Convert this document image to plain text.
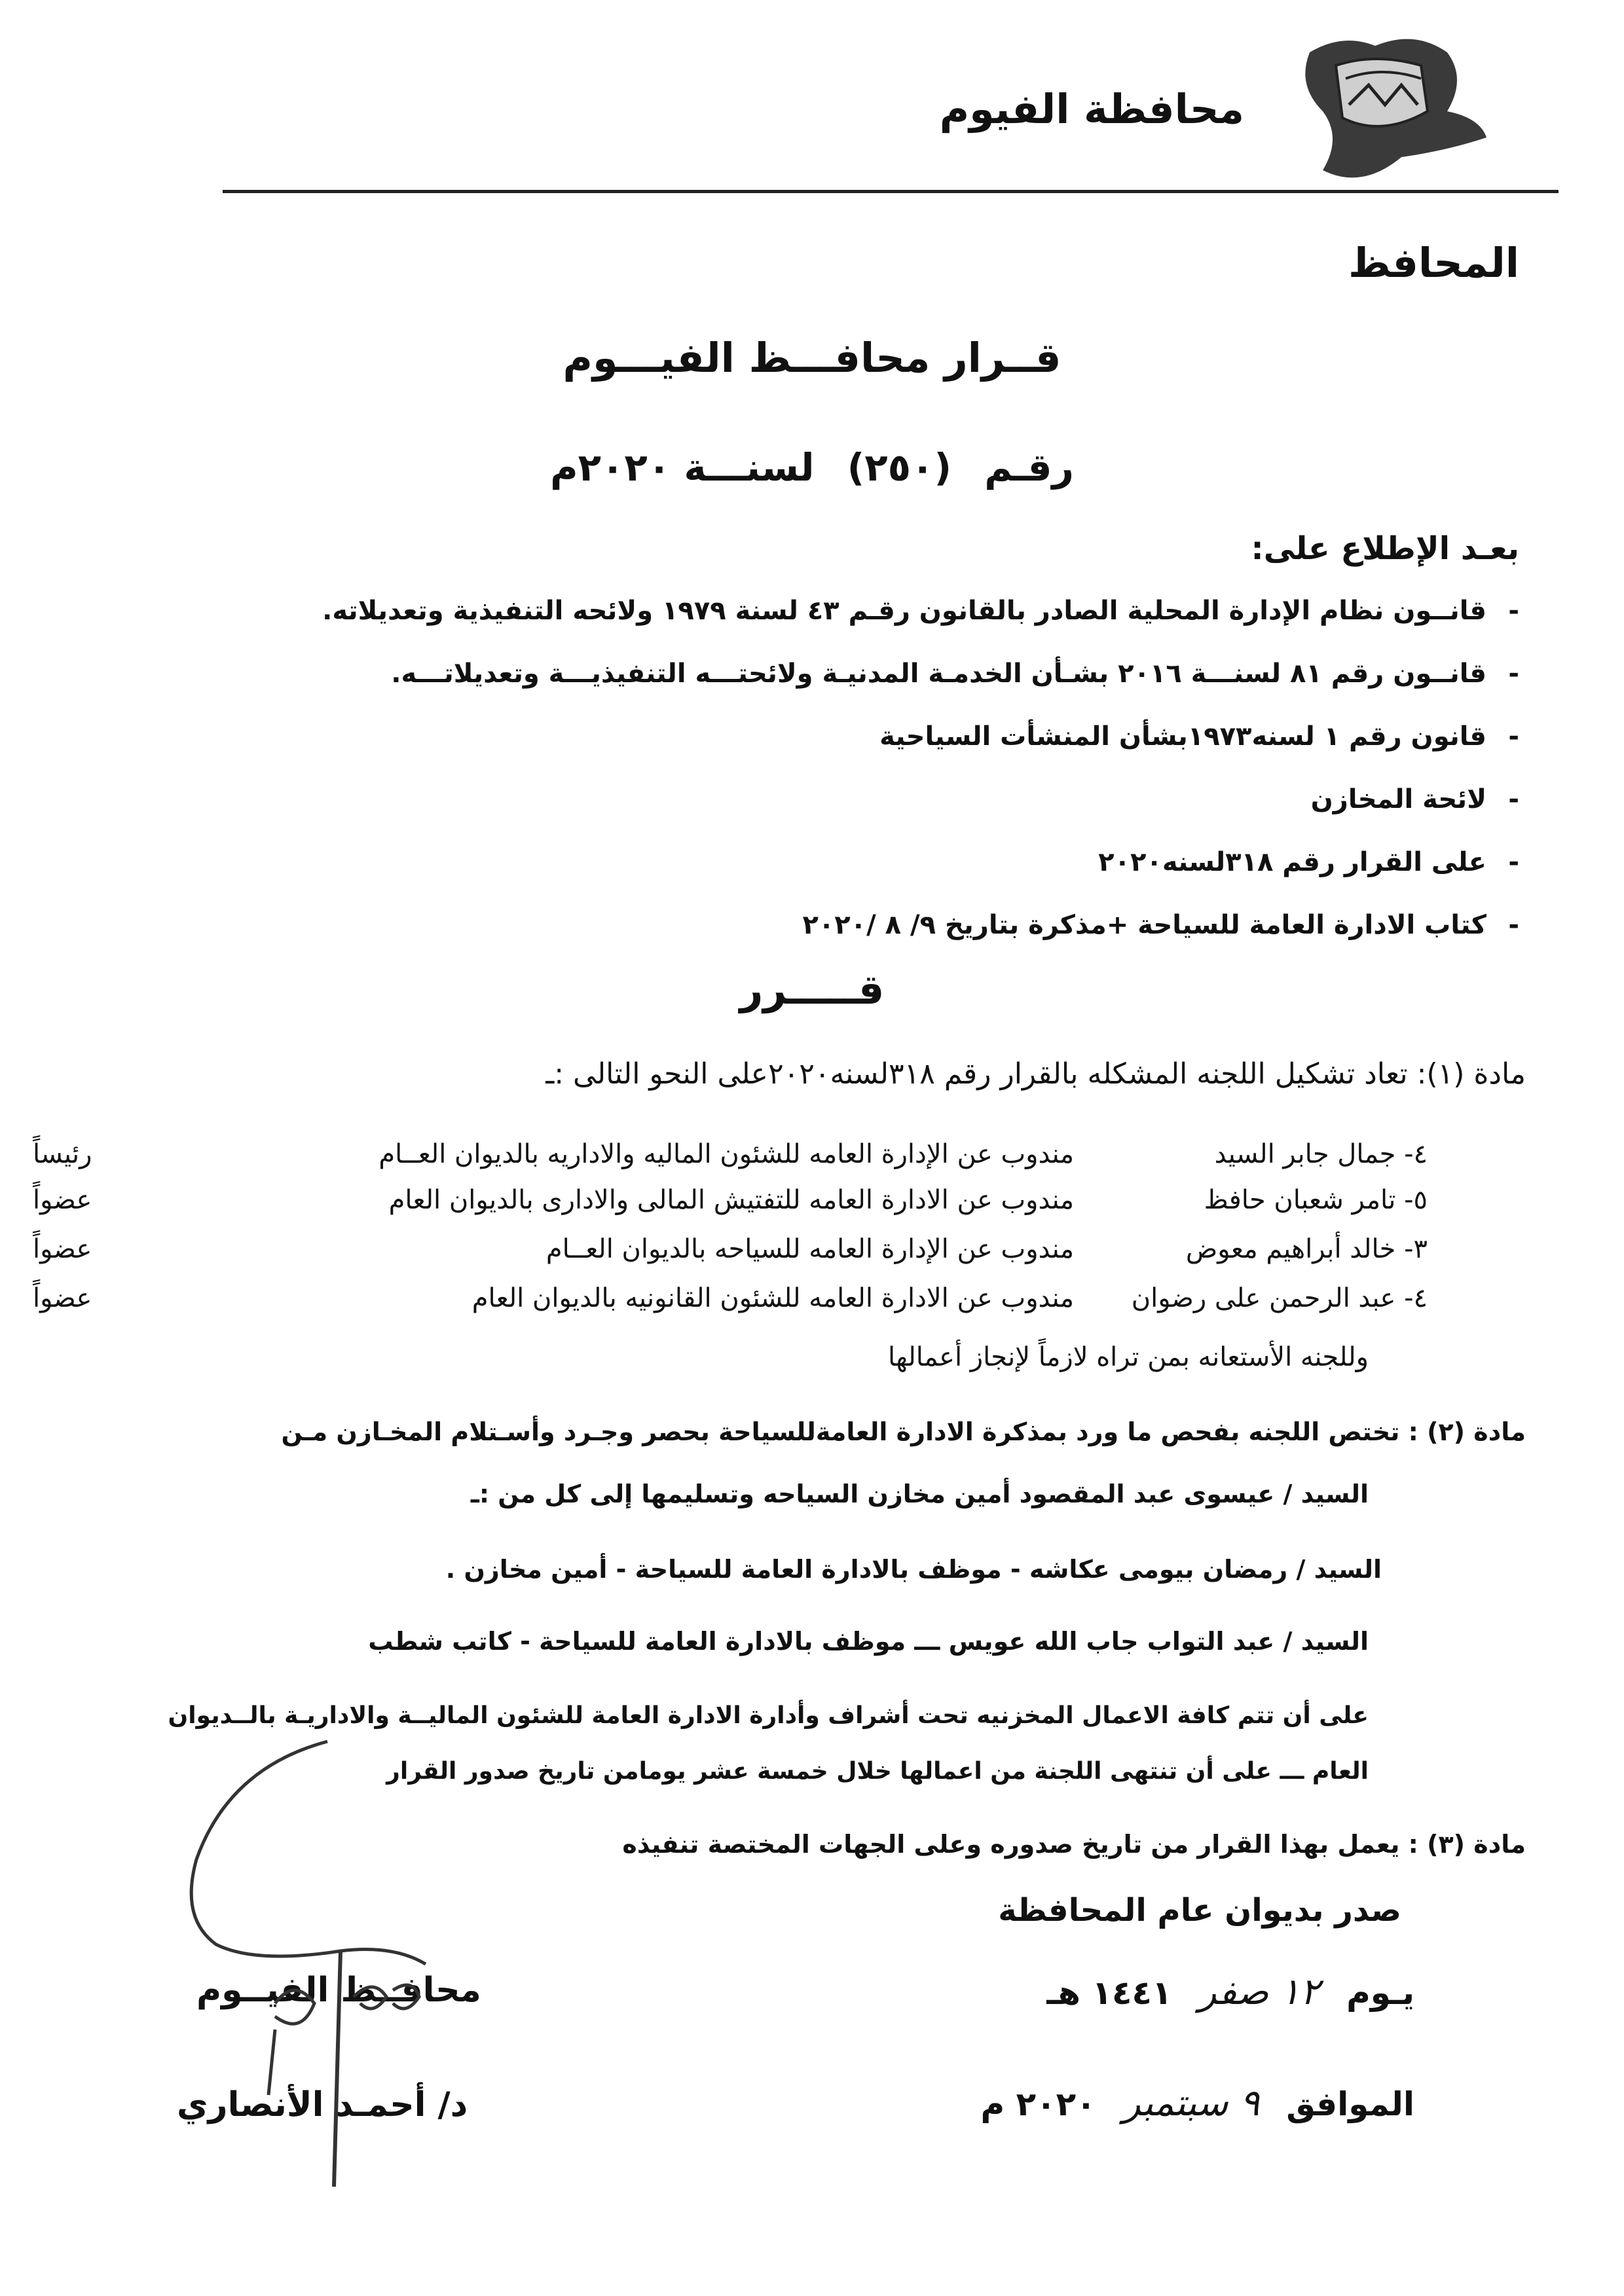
محافظة الفيوم
المحافظ
قــرار محافـــظ الفيـــوم
رقـم (٢٥٠) لسنـــة ٢٠٢٠م
بعـد الإطلاع على:
-قانــون نظام الإدارة المحلية الصادر بالقانون رقـم ٤٣ لسنة ١٩٧٩ ولائحه التنفيذية وتعديلاته.
-قانــون رقم ٨١ لسنـــة ٢٠١٦ بشـأن الخدمـة المدنيـة ولائحتـــه التنفيذيـــة وتعديلاتـــه.
-قانون رقم ١ لسنه١٩٧٣بشأن المنشأت السياحية
-لائحة المخازن
-على القرار رقم ٣١٨لسنه٢٠٢٠
-كتاب الادارة العامة للسياحة +مذكرة بتاريخ ٩/ ٨ /٢٠٢٠
قـــــرر
مادة (١): تعاد تشكيل اللجنه المشكله بالقرار رقم ٣١٨لسنه٢٠٢٠على النحو التالى :ـ
٤- جمال جابر السيد
مندوب عن الإدارة العامه للشئون الماليه والاداريه بالديوان العــام
رئيساً
٥- تامر شعبان حافظ
مندوب عن الادارة العامه للتفتيش المالى والادارى بالديوان العام
عضواً
٣- خالد أبراهيم معوض
مندوب عن الإدارة العامه للسياحه بالديوان العــام
عضواً
٤- عبد الرحمن على رضوان
مندوب عن الادارة العامه للشئون القانونيه بالديوان العام
عضواً
وللجنه الأستعانه بمن تراه لازماً لإنجاز أعمالها
مادة (٢) : تختص اللجنه بفحص ما ورد بمذكرة الادارة العامةللسياحة بحصر وجـرد وأسـتلام المخـازن مـن
السيد / عيسوى عبد المقصود أمين مخازن السياحه وتسليمها إلى كل من :ـ
السيد / رمضان بيومى عكاشه - موظف بالادارة العامة للسياحة - أمين مخازن .
السيد / عبد التواب جاب الله عويس ـــ موظف بالادارة العامة للسياحة - كاتب شطب
على أن تتم كافة الاعمال المخزنيه تحت أشراف وأدارة الادارة العامة للشئون الماليــة والاداريـة بالــديوان
العام ـــ على أن تنتهى اللجنة من اعمالها خلال خمسة عشر يومامن تاريخ صدور القرار
مادة (٣) : يعمل بهذا القرار من تاريخ صدوره وعلى الجهات المختصة تنفيذه
صدر بديوان عام المحافظة
يـوم ١٢ صفر ١٤٤١ هـ
الموافق ٩ سبتمبر ٢٠٢٠ م
محافــظ الفيــوم
د/ أحمـد الأنصاري
